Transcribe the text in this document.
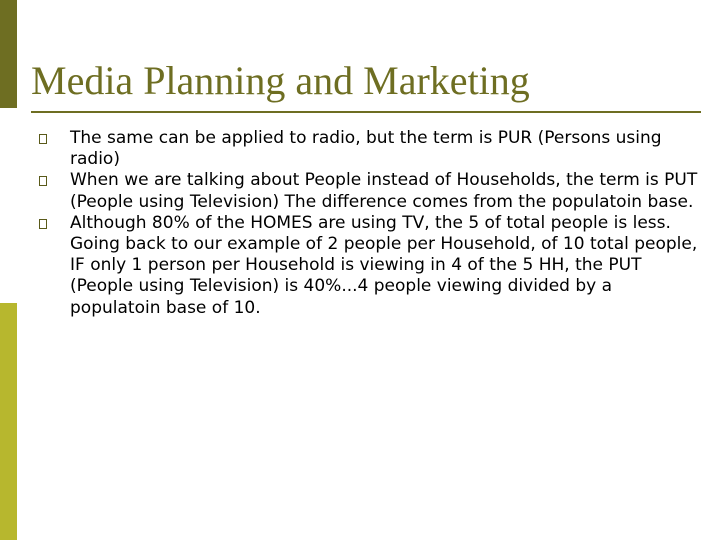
Media Planning and Marketing
The same can be applied to radio, but the term is PUR (Persons using radio)
When we are talking about People instead of Households, the term is PUT (People using Television) The difference comes from the populatoin base.
Although 80% of the HOMES are using TV, the 5 of total people is less. Going back to our example of 2 people per Household, of 10 total people, IF only 1 person per Household is viewing in 4 of the 5 HH, the PUT (People using Television) is 40%...4 people viewing divided by a populatoin base of 10.
